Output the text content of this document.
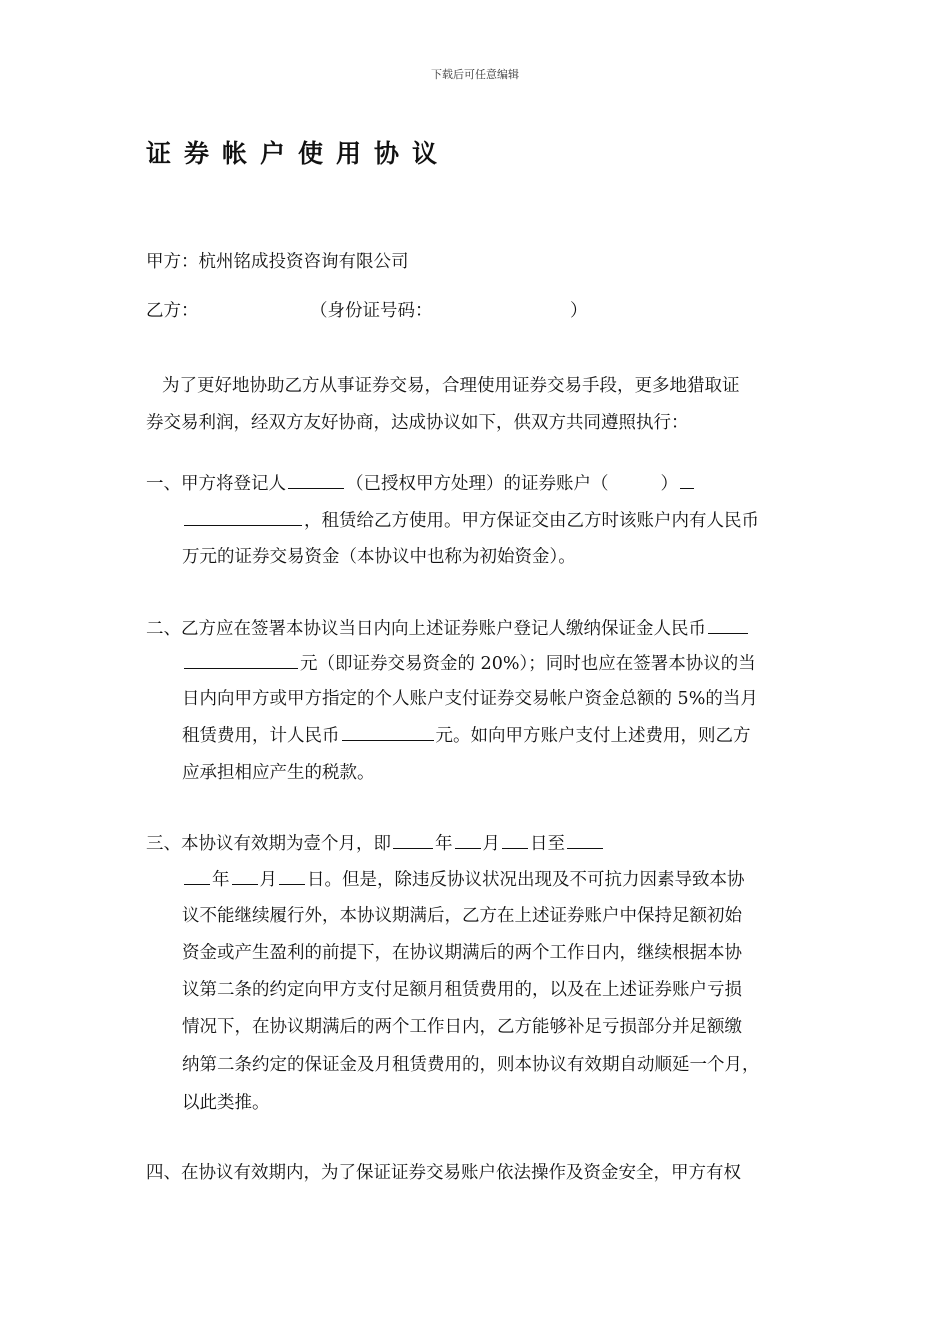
下载后可任意编辑
证券帐户使用协议
甲方：杭州铭成投资咨询有限公司
乙方：	（身份证号码：	）
为了更好地协助乙方从事证券交易，合理使用证券交易手段，更多地猎取证
券交易利润，经双方友好协商，达成协议如下，供双方共同遵照执行：
一、甲方将登记人	（已授权甲方处理）的证券账户（	）
，租赁给乙方使用。甲方保证交由乙方时该账户内有人民币
万元的证券交易资金（本协议中也称为初始资金）。
二、乙方应在签署本协议当日内向上述证券账户登记人缴纳保证金人民币
元（即证券交易资金的 20%）；同时也应在签署本协议的当
日内向甲方或甲方指定的个人账户支付证券交易帐户资金总额的 5%的当月
租赁费用，计人民币	元。如向甲方账户支付上述费用，则乙方
应承担相应产生的税款。
三、本协议有效期为壹个月，即	年 月 日至
年 月 日。但是，除违反协议状况出现及不可抗力因素导致本协
议不能继续履行外，本协议期满后，乙方在上述证券账户中保持足额初始
资金或产生盈利的前提下，在协议期满后的两个工作日内，继续根据本协
议第二条的约定向甲方支付足额月租赁费用的，以及在上述证券账户亏损
情况下，在协议期满后的两个工作日内，乙方能够补足亏损部分并足额缴
纳第二条约定的保证金及月租赁费用的，则本协议有效期自动顺延一个月，
以此类推。
四、在协议有效期内，为了保证证券交易账户依法操作及资金安全，甲方有权
